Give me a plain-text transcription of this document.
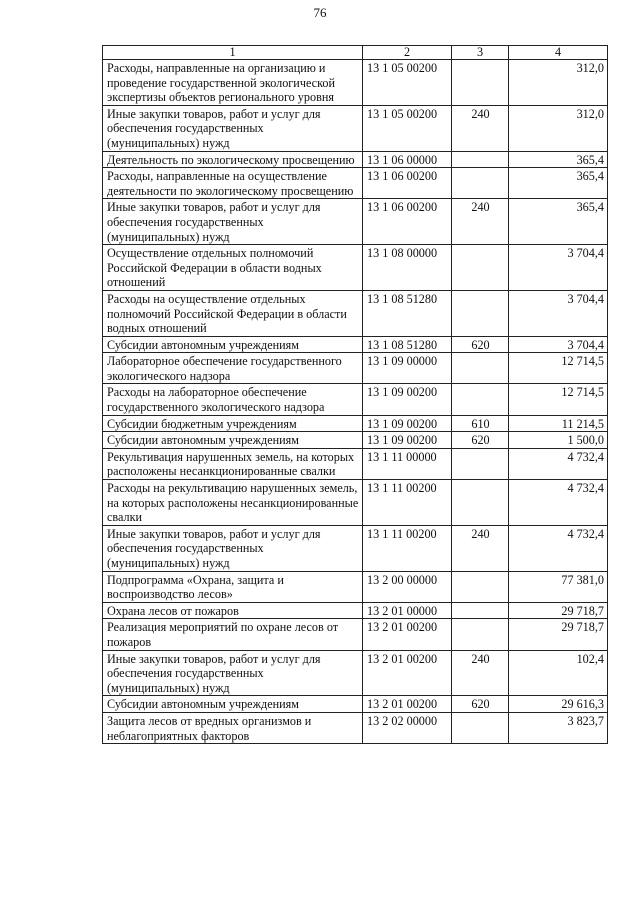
76
1	2	3	4
Расходы, направленные на организацию и проведение государственной экологической экспертизы объектов регионального уровня	13 1 05 00200		312,0
Иные закупки товаров, работ и услуг для обеспечения государственных (муниципальных) нужд	13 1 05 00200	240	312,0
Деятельность по экологическому просвещению	13 1 06 00000		365,4
Расходы, направленные на осуществление деятельности по экологическому просвещению	13 1 06 00200		365,4
Иные закупки товаров, работ и услуг для обеспечения государственных (муниципальных) нужд	13 1 06 00200	240	365,4
Осуществление отдельных полномочий Российской Федерации в области водных отношений	13 1 08 00000		3 704,4
Расходы на осуществление отдельных полномочий Российской Федерации в области водных отношений	13 1 08 51280		3 704,4
Субсидии автономным учреждениям	13 1 08 51280	620	3 704,4
Лабораторное обеспечение государственного экологического надзора	13 1 09 00000		12 714,5
Расходы на лабораторное обеспечение государственного экологического надзора	13 1 09 00200		12 714,5
Субсидии бюджетным учреждениям	13 1 09 00200	610	11 214,5
Субсидии автономным учреждениям	13 1 09 00200	620	1 500,0
Рекультивация нарушенных земель, на которых расположены несанкционированные свалки	13 1 11 00000		4 732,4
Расходы на рекультивацию нарушенных земель, на которых расположены несанкционированные свалки	13 1 11 00200		4 732,4
Иные закупки товаров, работ и услуг для обеспечения государственных (муниципальных) нужд	13 1 11 00200	240	4 732,4
Подпрограмма «Охрана, защита и воспроизводство лесов»	13 2 00 00000		77 381,0
Охрана лесов от пожаров	13 2 01 00000		29 718,7
Реализация мероприятий по охране лесов от пожаров	13 2 01 00200		29 718,7
Иные закупки товаров, работ и услуг для обеспечения государственных (муниципальных) нужд	13 2 01 00200	240	102,4
Субсидии автономным учреждениям	13 2 01 00200	620	29 616,3
Защита лесов от вредных организмов и неблагоприятных факторов	13 2 02 00000		3 823,7
